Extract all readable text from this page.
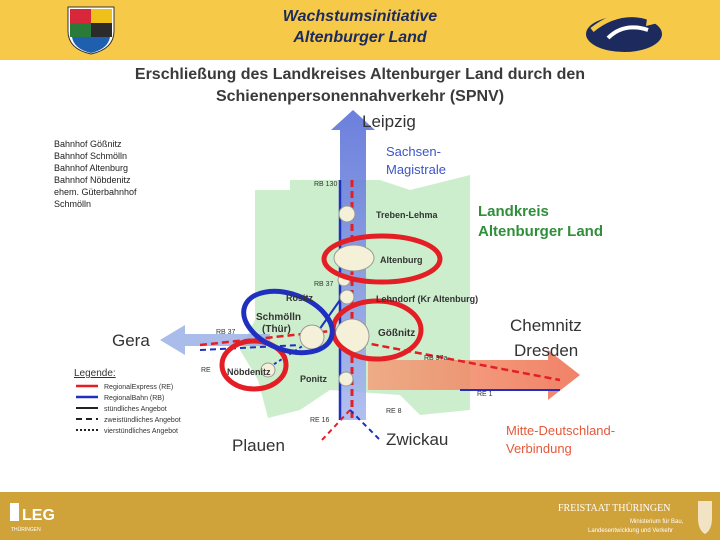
Wachstumsinitiative
Altenburger Land
Erschließung des Landkreises Altenburger Land durch den
Schienenpersonennahverkehr (SPNV)
Bahnhof Gößnitz
Bahnhof Schmölln
Bahnhof Altenburg
Bahnhof Nöbdenitz
ehem. Güterbahnhof
Schmölln
Leipzig
Sachsen-
Magistrale
Landkreis
Altenburger Land
Gera
Chemnitz
Dresden
Plauen	Zwickau	Mitte-Deutschland-
Verbindung
Treben-Lehma
Altenburg
Lehndorf (Kr Altenburg)
Rositz
Schmölln
(Thür)	Gößnitz
Nöbdenitz
Ponitz
RB 130
RB 37
RB 37
RE
RB 37a
RE 1
RE 8
RE 16
Legende:
RegionalExpress (RE)
RegionalBahn (RB)
stündliches Angebot
zweistündliches Angebot
vierstündliches Angebot
LEG
THÜRINGEN
FREISTAAT THÜRINGEN
Ministerium für Bau,
Landesentwicklung und Verkehr
